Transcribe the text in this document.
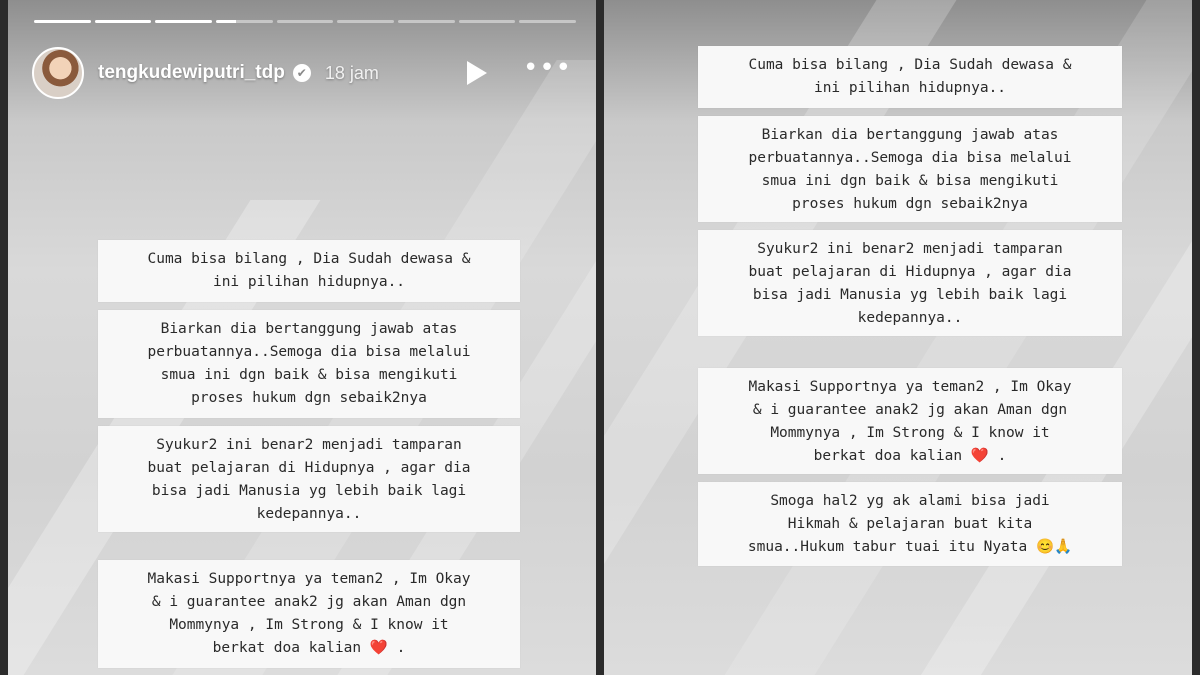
tengkudewiputri_tdp ✔ 18 jam	•••
Cuma bisa bilang , Dia Sudah dewasa &
ini pilihan hidupnya..
Biarkan dia bertanggung jawab atas
perbuatannya..Semoga dia bisa melalui
smua ini dgn baik & bisa mengikuti
proses hukum dgn sebaik2nya
Syukur2 ini benar2 menjadi tamparan
buat pelajaran di Hidupnya , agar dia
bisa jadi Manusia yg lebih baik lagi
kedepannya..
Makasi Supportnya ya teman2 , Im Okay
& i guarantee anak2 jg akan Aman dgn
Mommynya , Im Strong & I know it
berkat doa kalian ❤️ .
Cuma bisa bilang , Dia Sudah dewasa &
ini pilihan hidupnya..
Biarkan dia bertanggung jawab atas
perbuatannya..Semoga dia bisa melalui
smua ini dgn baik & bisa mengikuti
proses hukum dgn sebaik2nya
Syukur2 ini benar2 menjadi tamparan
buat pelajaran di Hidupnya , agar dia
bisa jadi Manusia yg lebih baik lagi
kedepannya..
Makasi Supportnya ya teman2 , Im Okay
& i guarantee anak2 jg akan Aman dgn
Mommynya , Im Strong & I know it
berkat doa kalian ❤️ .
Smoga hal2 yg ak alami bisa jadi
Hikmah & pelajaran buat kita
smua..Hukum tabur tuai itu Nyata 😊🙏
